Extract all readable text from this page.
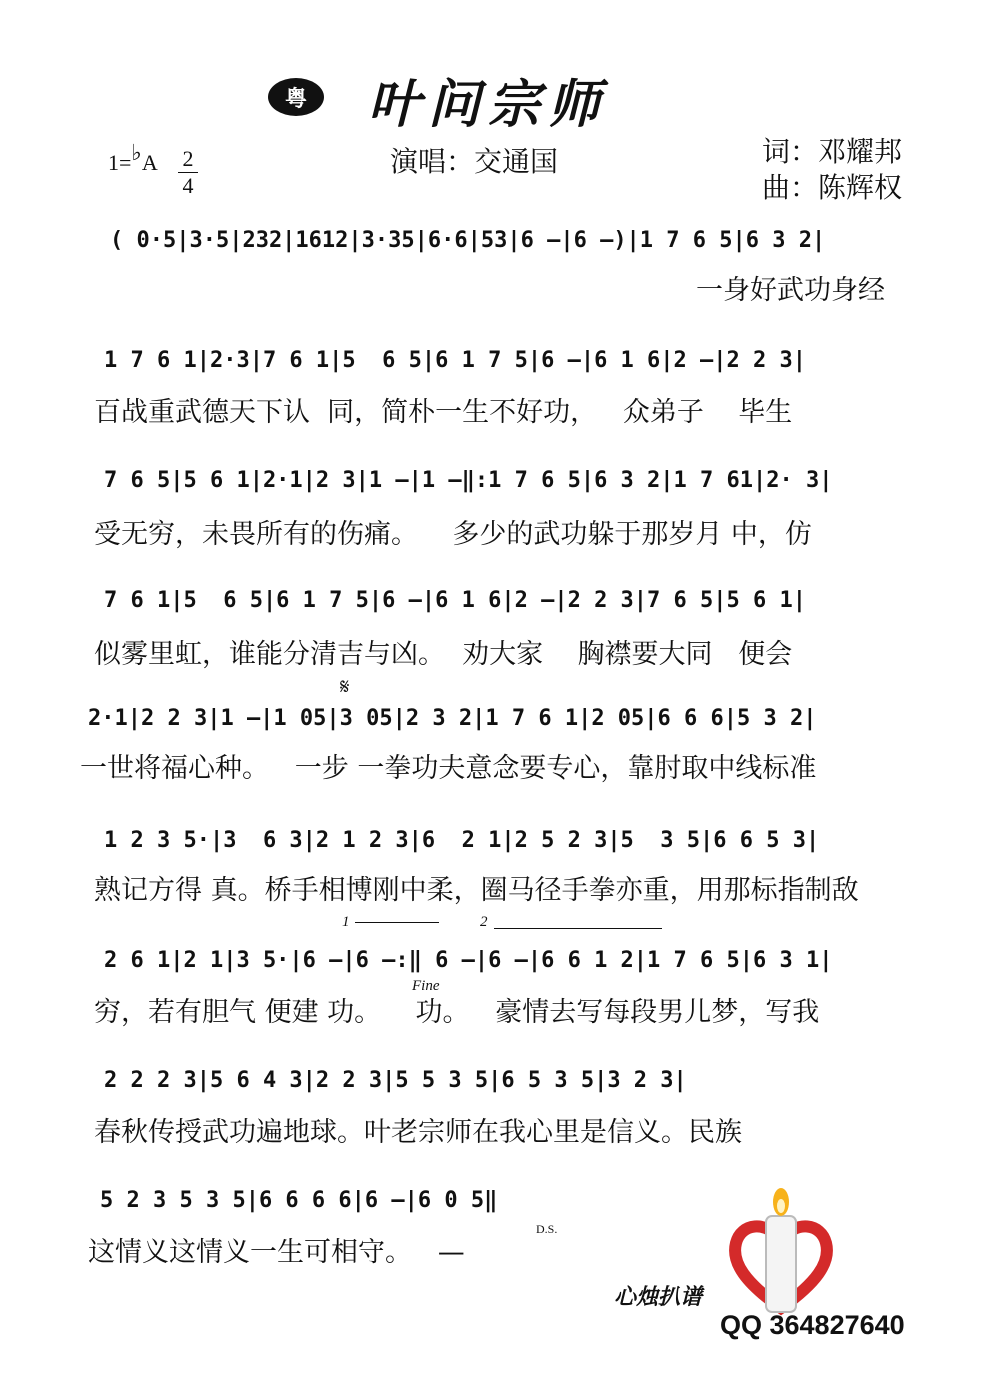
粤	叶问宗师
1=♭A 2
4
演唱：交通国	词：邓耀邦
曲：陈辉权
( 0·5|3·5|232|1612|3·35|6·6|53|6 –|6 –)|1 7 6 5|6 3 2|
一身好武功身经
1 7 6 1|2·3|7 6 1|5  6 5|6 1 7 5|6 –|6 1 6|2 –|2 2 3|
百战重武德天下认  同，简朴一生不好功，   众弟子    毕生
7 6 5|5 6 1|2·1|2 3|1 –|1 –‖:1 7 6 5|6 3 2|1 7 61|2· 3|
受无穷，未畏所有的伤痛。    多少的武功躲于那岁月 中，仿
7 6 1|5  6 5|6 1 7 5|6 –|6 1 6|2 –|2 2 3|7 6 5|5 6 1|
似雾里虹，谁能分清吉与凶。  劝大家    胸襟要大同   便会
𝄋
2·1|2 2 3|1 –|1 05|3 05|2 3 2|1 7 6 1|2 05|6 6 6|5 3 2|
一世将福心种。   一步 一拳功夫意念要专心，靠肘取中线标准
1 2 3 5·|3  6 3|2 1 2 3|6  2 1|2 5 2 3|5  3 5|6 6 5 3|
熟记方得 真。桥手相博刚中柔，圈马径手拳亦重，用那标指制敌
1	2
2 6 1|2 1|3 5·|6 –|6 –:‖ 6 –|6 –|6 6 1 2|1 7 6 5|6 3 1|
Fine
穷，若有胆气 便建 功。    功。   豪情去写每段男儿梦，写我
2 2 2 3|5 6 4 3|2 2 3|5 5 3 5|6 5 3 5|3 2 3|
春秋传授武功遍地球。叶老宗师在我心里是信义。民族
5 2 3 5 3 5|6 6 6 6|6 –|6 0 5‖
D.S.
这情义这情义一生可相守。   —
心烛扒谱
QQ 364827640
